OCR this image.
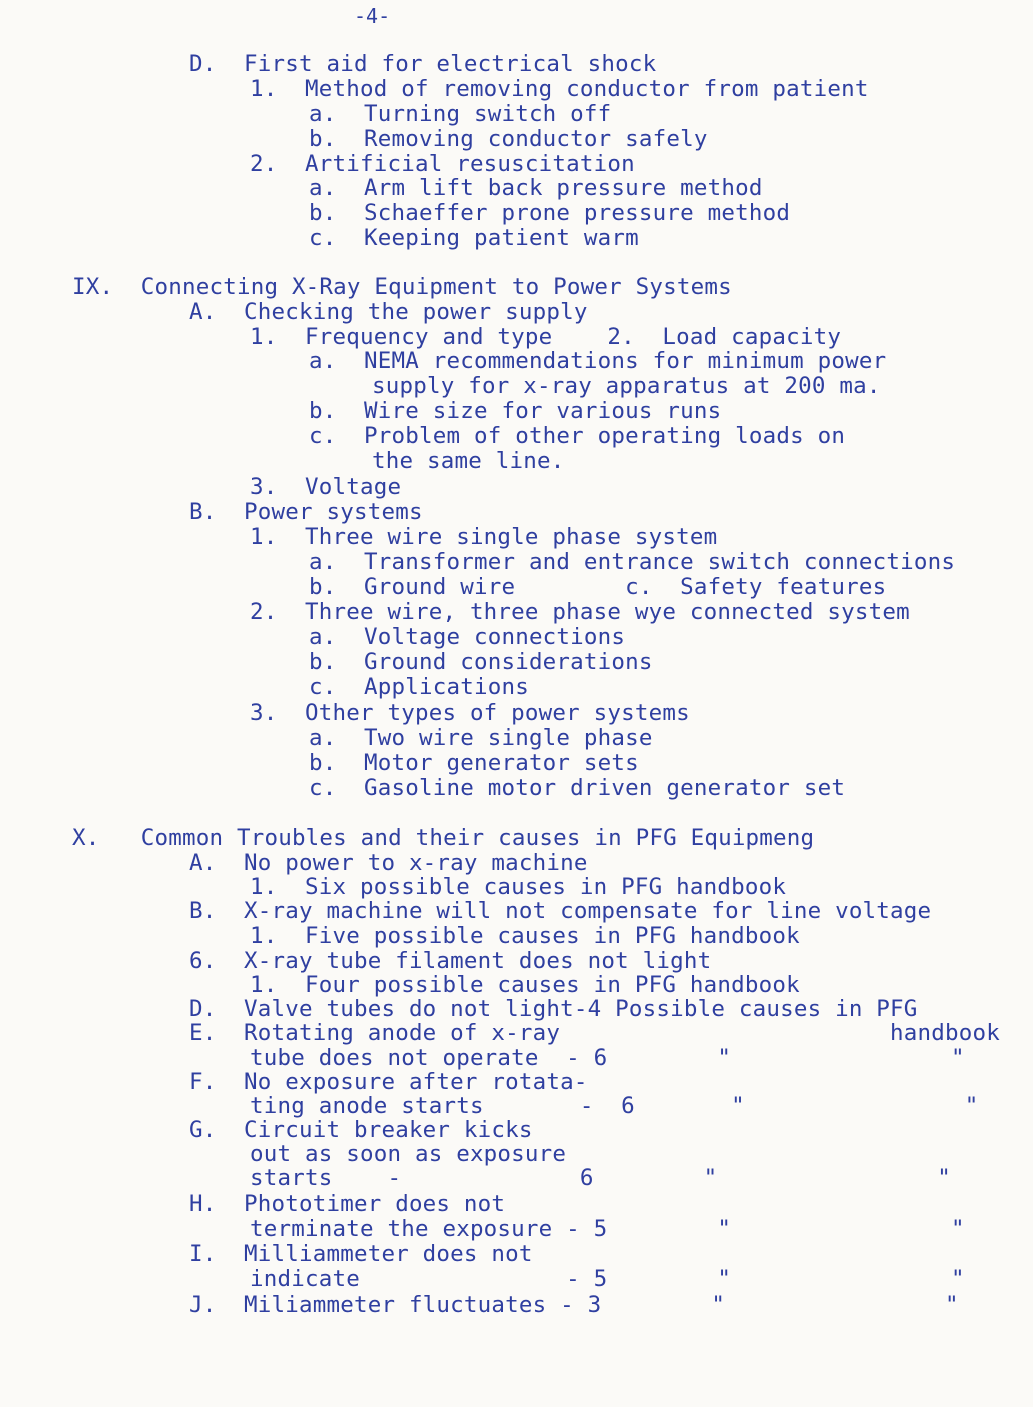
-4-
D.  First aid for electrical shock
1.  Method of removing conductor from patient
a.  Turning switch off
b.  Removing conductor safely
2.  Artificial resuscitation
a.  Arm lift back pressure method
b.  Schaeffer prone pressure method
c.  Keeping patient warm
IX.  Connecting X-Ray Equipment to Power Systems
A.  Checking the power supply
1.  Frequency and type    2.  Load capacity
a.  NEMA recommendations for minimum power
supply for x-ray apparatus at 200 ma.
b.  Wire size for various runs
c.  Problem of other operating loads on
the same line.
3.  Voltage
B.  Power systems
1.  Three wire single phase system
a.  Transformer and entrance switch connections
b.  Ground wire        c.  Safety features
2.  Three wire, three phase wye connected system
a.  Voltage connections
b.  Ground considerations
c.  Applications
3.  Other types of power systems
a.  Two wire single phase
b.  Motor generator sets
c.  Gasoline motor driven generator set
X.   Common Troubles and their causes in PFG Equipmeng
A.  No power to x-ray machine
1.  Six possible causes in PFG handbook
B.  X-ray machine will not compensate for line voltage
1.  Five possible causes in PFG handbook
6.  X-ray tube filament does not light
1.  Four possible causes in PFG handbook
D.  Valve tubes do not light-4 Possible causes in PFG
E.  Rotating anode of x-ray                        handbook
tube does not operate  - 6        "                "
F.  No exposure after rotata-
ting anode starts       -  6       "                "
G.  Circuit breaker kicks
out as soon as exposure
starts    -             6        "                "
H.  Phototimer does not
terminate the exposure - 5        "                "
I.  Milliammeter does not
indicate               - 5        "                "
J.  Miliammeter fluctuates - 3        "                "
